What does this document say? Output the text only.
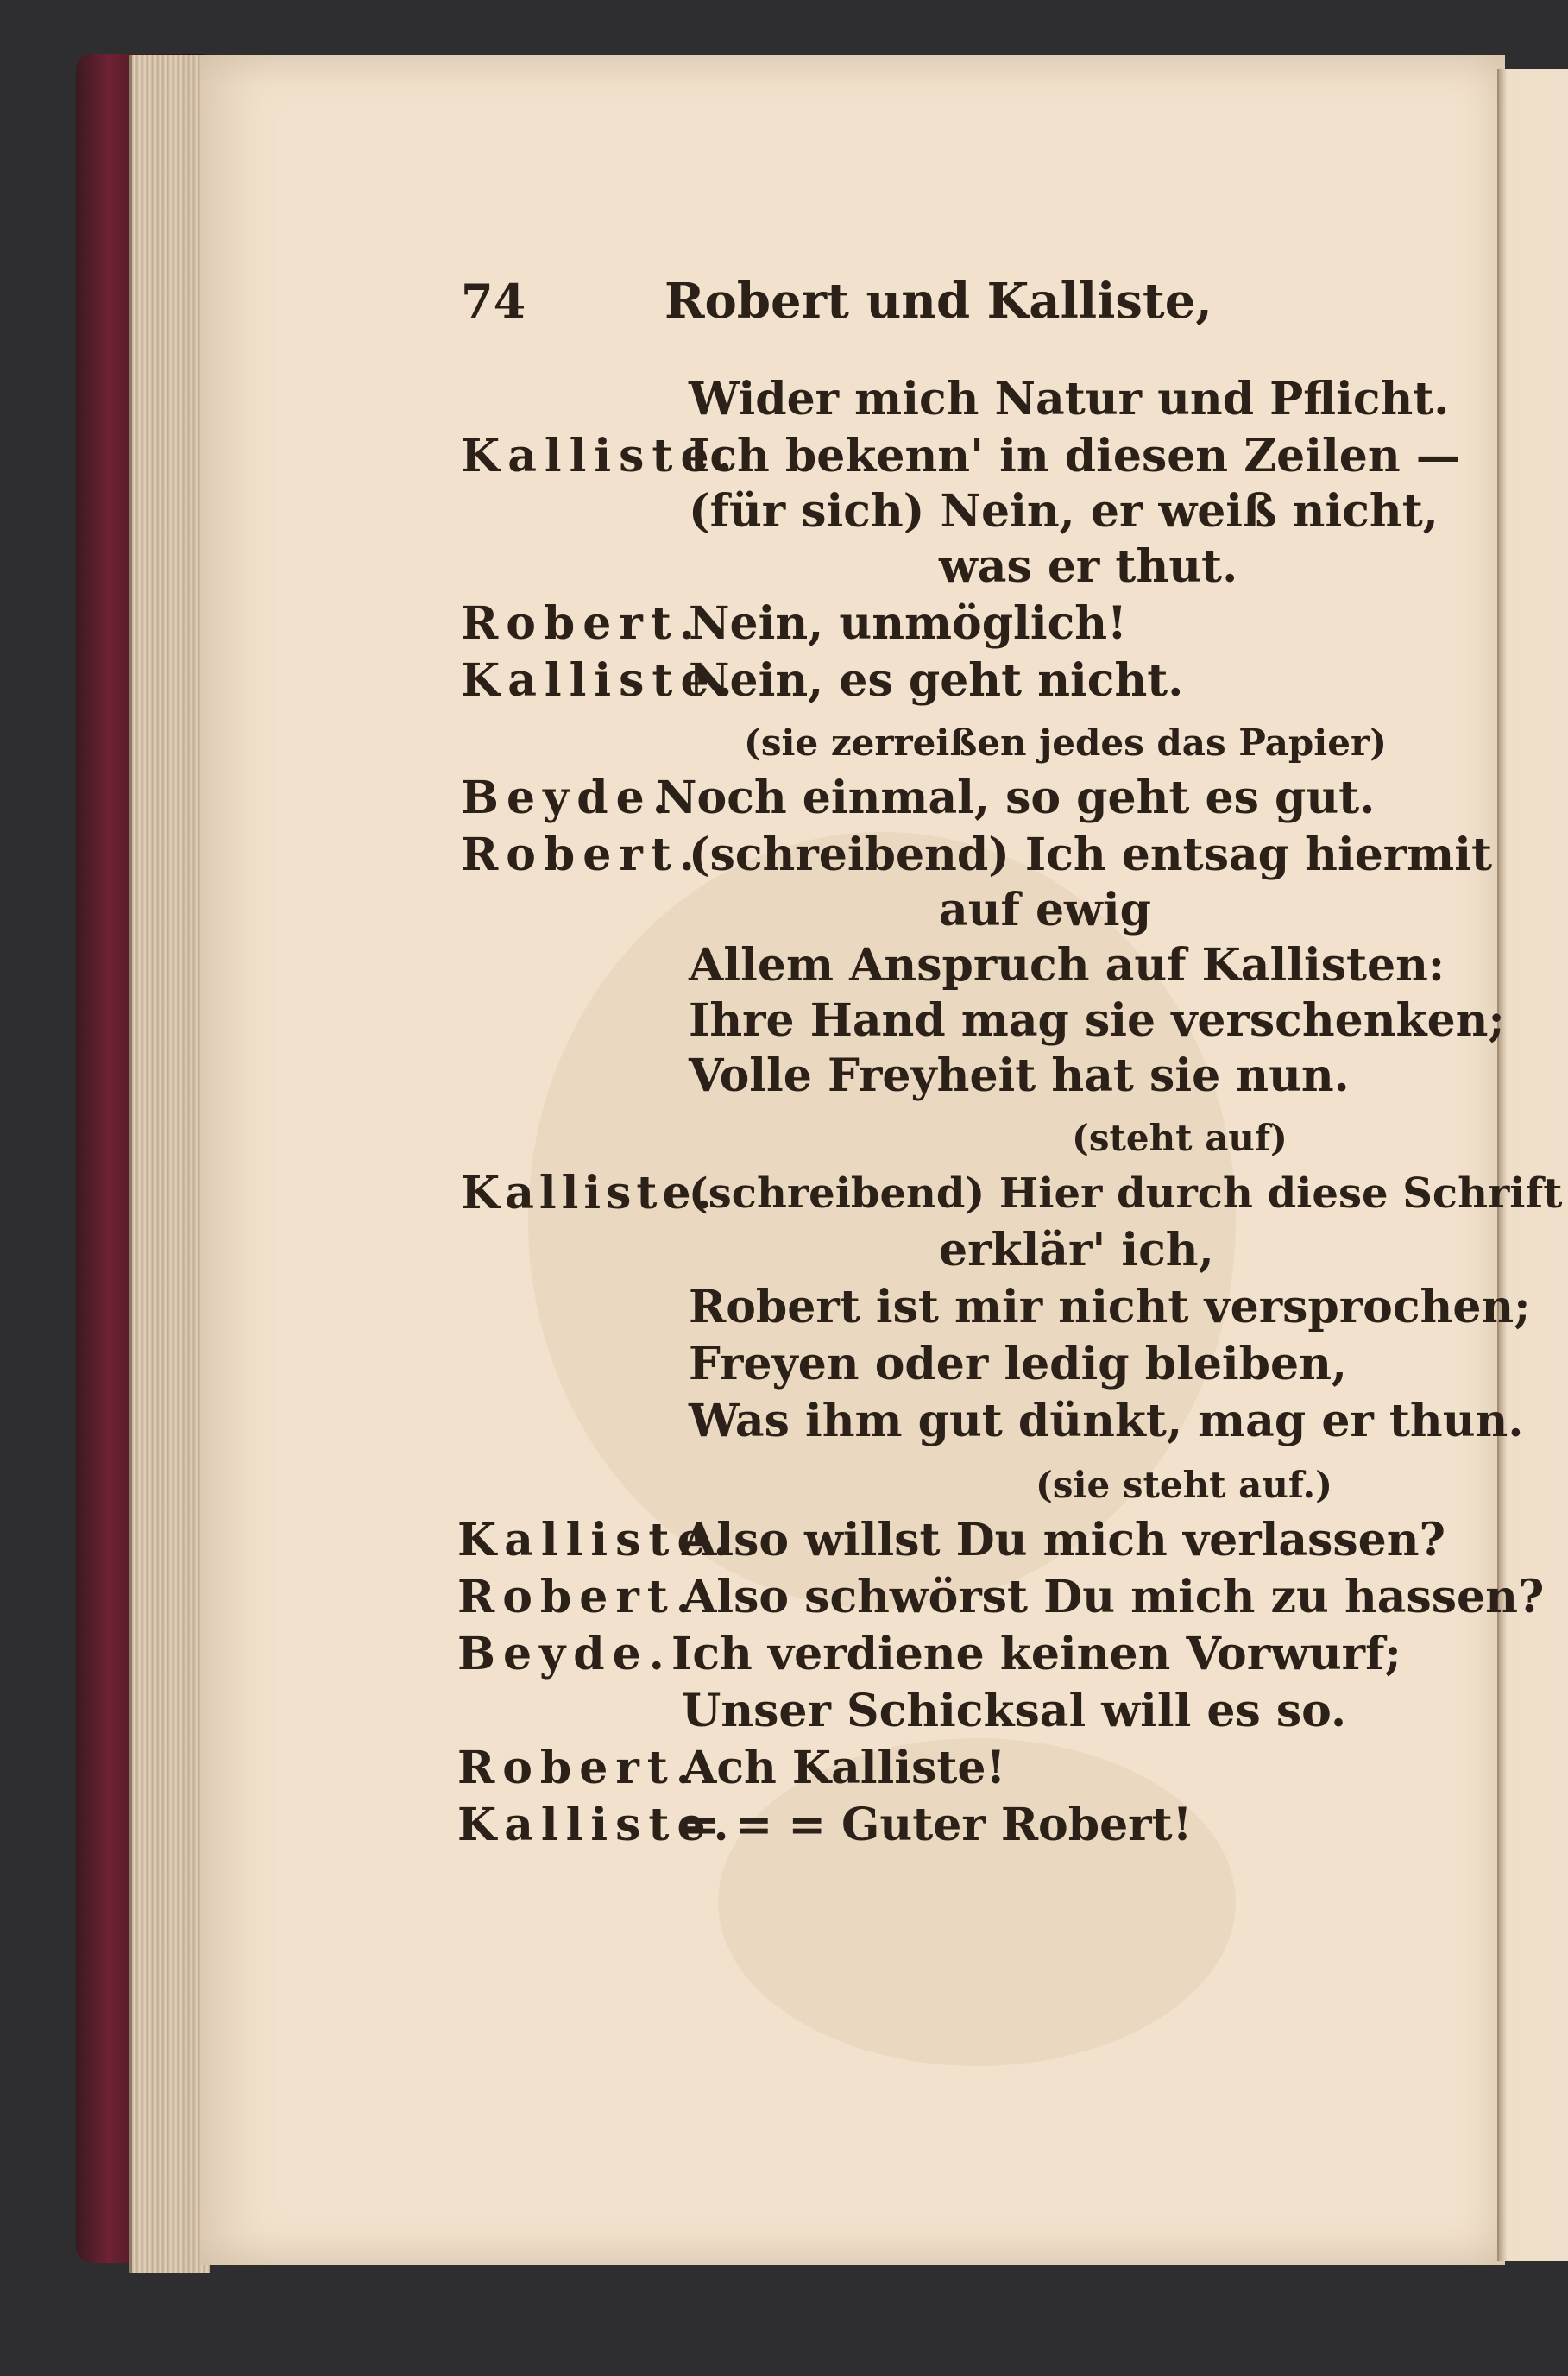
74	Robert und Kalliste,
Wider mich Natur und Pflicht.
Kalliste.
Ich bekenn' in diesen Zeilen —
(für sich) Nein, er weiß nicht,
was er thut.
Robert.
Nein, unmöglich!
Kalliste.
Nein, es geht nicht.
(sie zerreißen jedes das Papier)
Beyde.
Noch einmal, so geht es gut.
Robert.
(schreibend) Ich entsag hiermit
auf ewig
Allem Anspruch auf Kallisten:
Ihre Hand mag sie verschenken;
Volle Freyheit hat sie nun.
(steht auf)
Kalliste.
(schreibend) Hier durch diese Schrift
erklär' ich,
Robert ist mir nicht versprochen;
Freyen oder ledig bleiben,
Was ihm gut dünkt, mag er thun.
(sie steht auf.)
Kalliste.
Also willst Du mich verlassen?
Robert.
Also schwörst Du mich zu hassen?
Beyde. Ich verdiene keinen Vorwurf;
Unser Schicksal will es so.
Robert.
Ach Kalliste!
Kalliste.
= = = Guter Robert!
